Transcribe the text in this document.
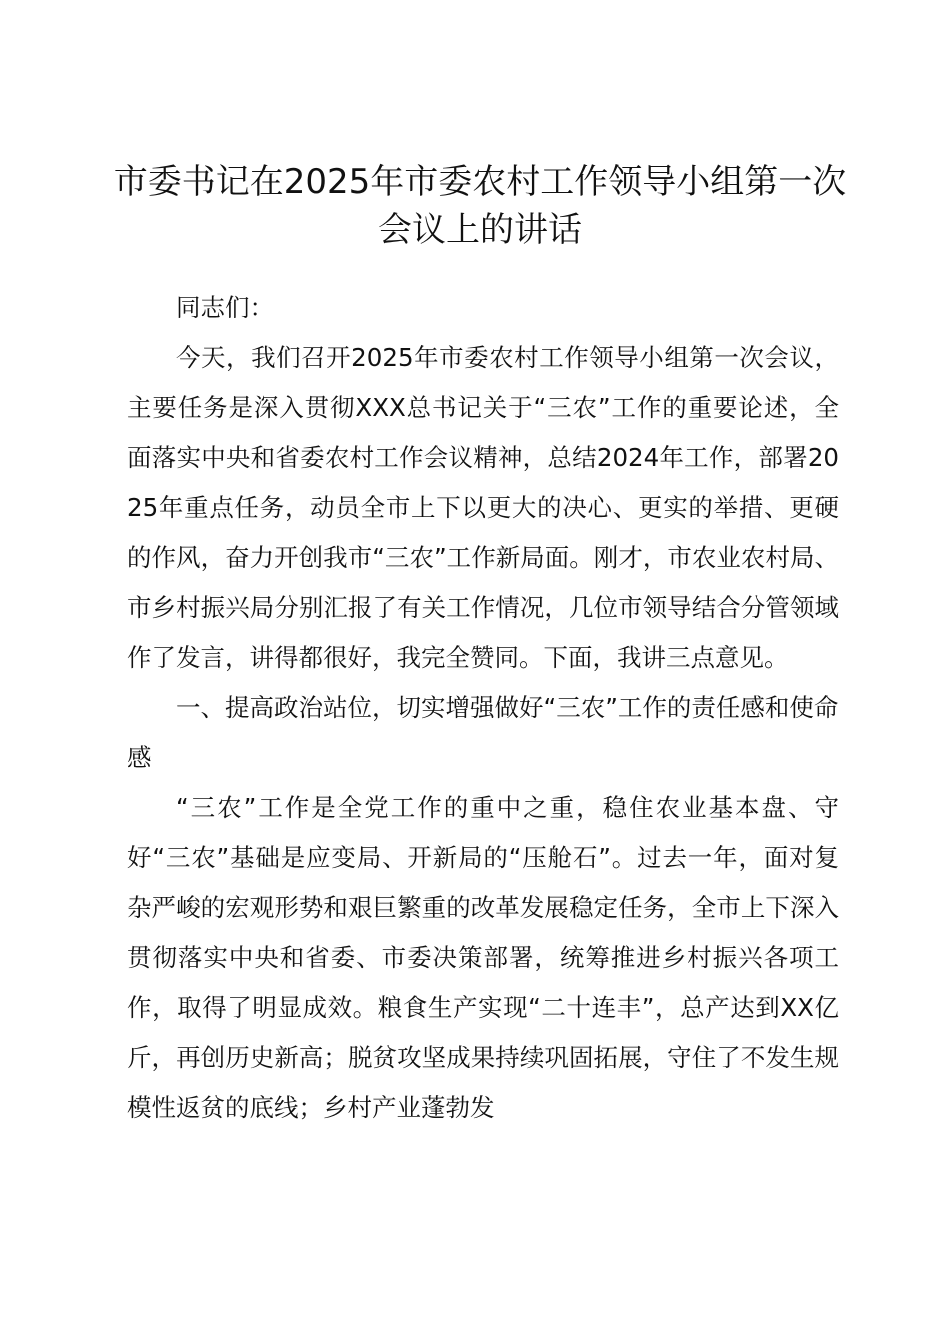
市委书记在2025年市委农村工作领导小组第一次会议上的讲话

同志们：

今天，我们召开2025年市委农村工作领导小组第一次会议，主要任务是深入贯彻XXX总书记关于“三农”工作的重要论述，全面落实中央和省委农村工作会议精神，总结2024年工作，部署2025年重点任务，动员全市上下以更大的决心、更实的举措、更硬的作风，奋力开创我市“三农”工作新局面。刚才，市农业农村局、市乡村振兴局分别汇报了有关工作情况，几位市领导结合分管领域作了发言，讲得都很好，我完全赞同。下面，我讲三点意见。

一、提高政治站位，切实增强做好“三农”工作的责任感和使命感

“三农”工作是全党工作的重中之重，稳住农业基本盘、守好“三农”基础是应变局、开新局的“压舱石”。过去一年，面对复杂严峻的宏观形势和艰巨繁重的改革发展稳定任务，全市上下深入贯彻落实中央和省委、市委决策部署，统筹推进乡村振兴各项工作，取得了明显成效。粮食生产实现“二十连丰”，总产达到XX亿斤，再创历史新高；脱贫攻坚成果持续巩固拓展，守住了不发生规模性返贫的底线；乡村产业蓬勃发
